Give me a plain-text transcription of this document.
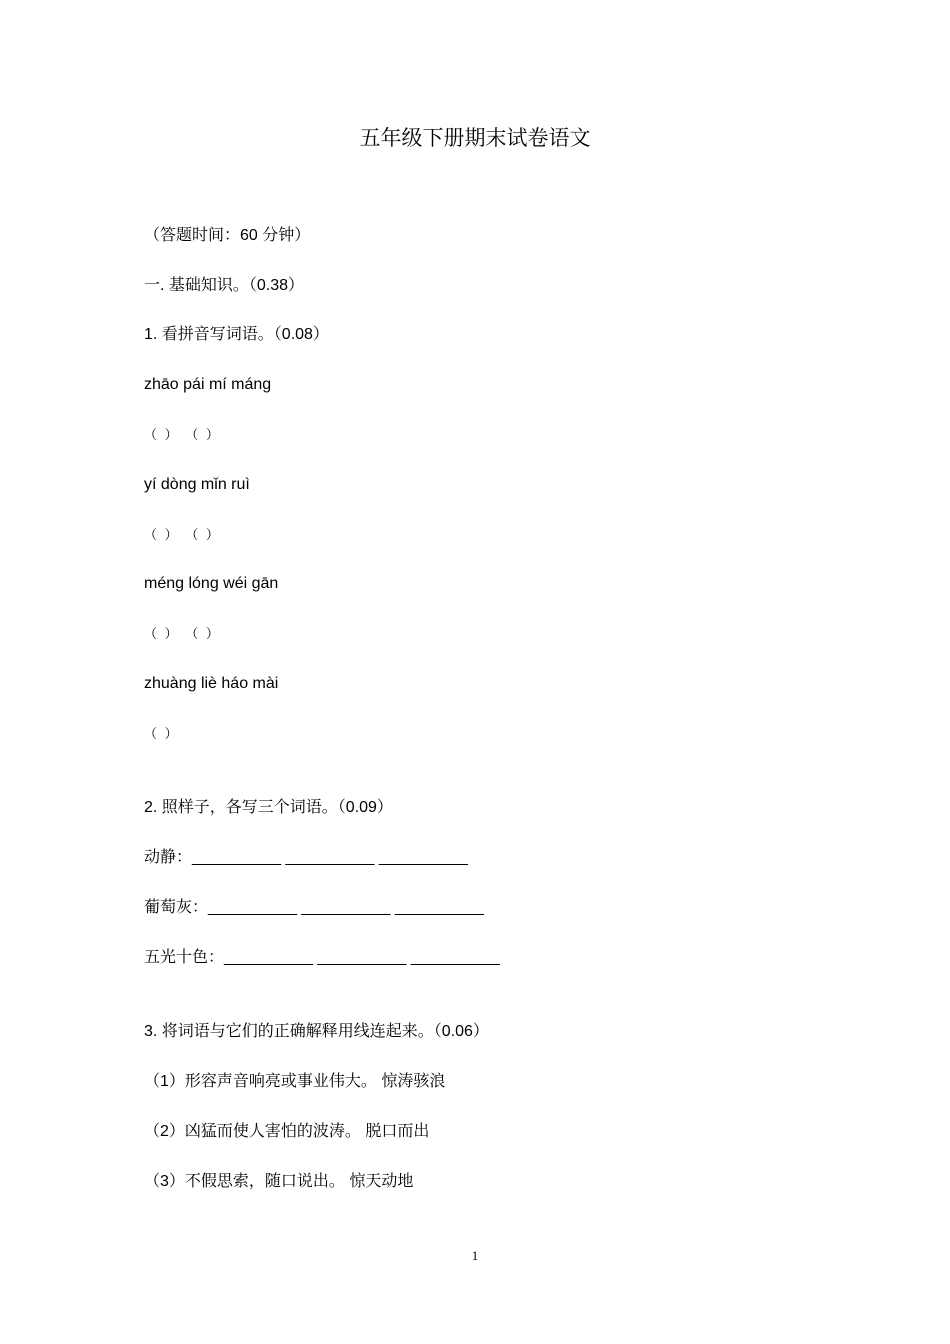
五年级下册期末试卷语文
（答题时间：60 分钟）
一. 基础知识。（0.38）
1. 看拼音写词语。（0.08）
zhāo pái mí máng
（ ） （ ）
yí dòng mǐn ruì
（ ） （ ）
méng lóng wéi gān
（ ） （ ）
zhuàng liè háo mài
（ ）
2. 照样子，各写三个词语。（0.09）
动静：__________ __________ __________
葡萄灰：__________ __________ __________
五光十色：__________ __________ __________
3. 将词语与它们的正确解释用线连起来。（0.06）
（1）形容声音响亮或事业伟大。 惊涛骇浪
（2）凶猛而使人害怕的波涛。 脱口而出
（3）不假思索，随口说出。 惊天动地
1
